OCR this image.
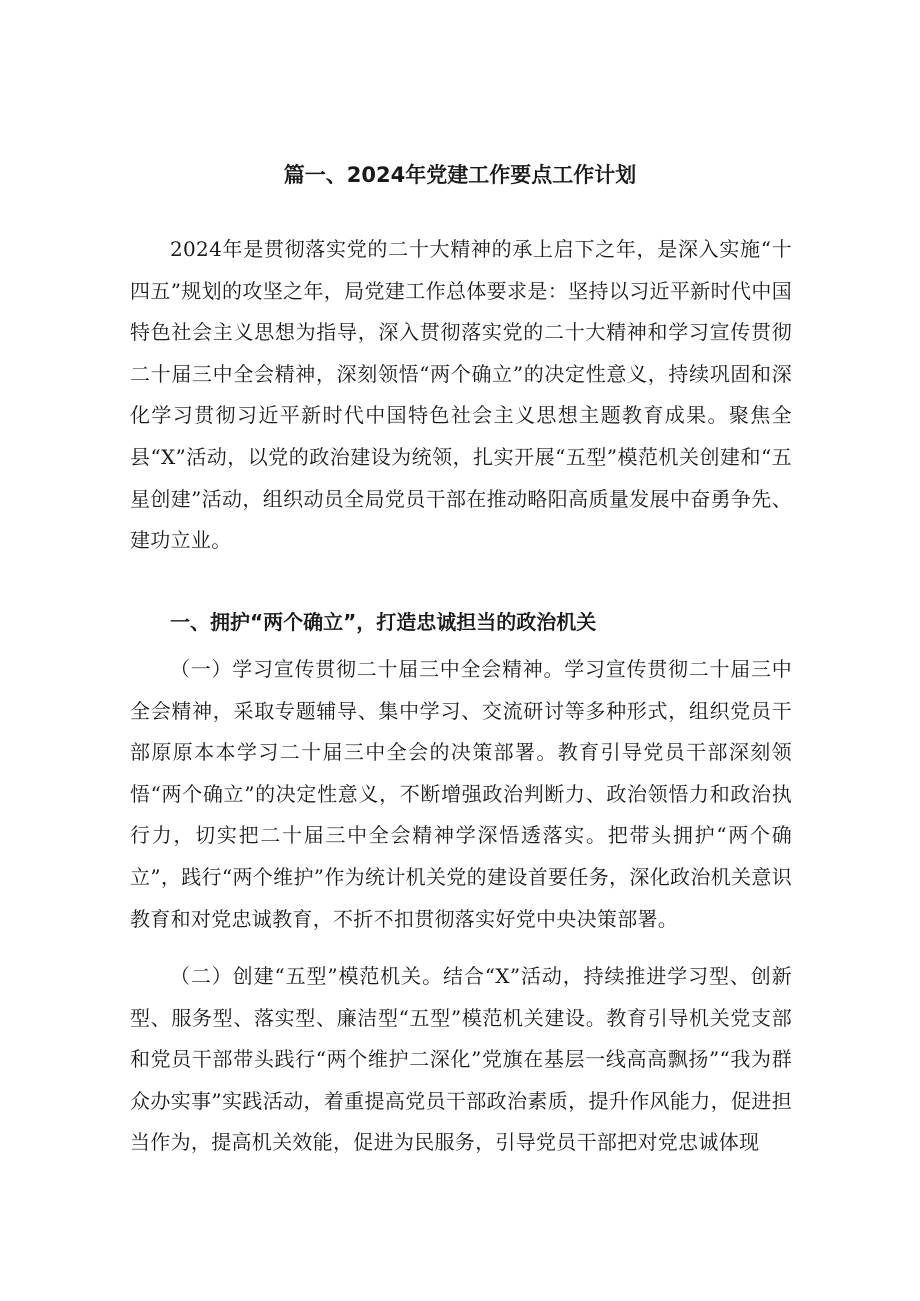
篇一、2024年党建工作要点工作计划

2024年是贯彻落实党的二十大精神的承上启下之年，是深入实施“十四五”规划的攻坚之年，局党建工作总体要求是：坚持以习近平新时代中国特色社会主义思想为指导，深入贯彻落实党的二十大精神和学习宣传贯彻二十届三中全会精神，深刻领悟“两个确立”的决定性意义，持续巩固和深化学习贯彻习近平新时代中国特色社会主义思想主题教育成果。聚焦全县“X”活动，以党的政治建设为统领，扎实开展“五型”模范机关创建和“五星创建”活动，组织动员全局党员干部在推动略阳高质量发展中奋勇争先、建功立业。

一、拥护“两个确立”，打造忠诚担当的政治机关

（一）学习宣传贯彻二十届三中全会精神。学习宣传贯彻二十届三中全会精神，采取专题辅导、集中学习、交流研讨等多种形式，组织党员干部原原本本学习二十届三中全会的决策部署。教育引导党员干部深刻领悟“两个确立”的决定性意义，不断增强政治判断力、政治领悟力和政治执行力，切实把二十届三中全会精神学深悟透落实。把带头拥护“两个确立”，践行“两个维护”作为统计机关党的建设首要任务，深化政治机关意识教育和对党忠诚教育，不折不扣贯彻落实好党中央决策部署。

（二）创建“五型”模范机关。结合“X”活动，持续推进学习型、创新型、服务型、落实型、廉洁型“五型”模范机关建设。教育引导机关党支部和党员干部带头践行“两个维护二深化”党旗在基层一线高高飘扬”“我为群众办实事”实践活动，着重提高党员干部政治素质，提升作风能力，促进担当作为，提高机关效能，促进为民服务，引导党员干部把对党忠诚体现
